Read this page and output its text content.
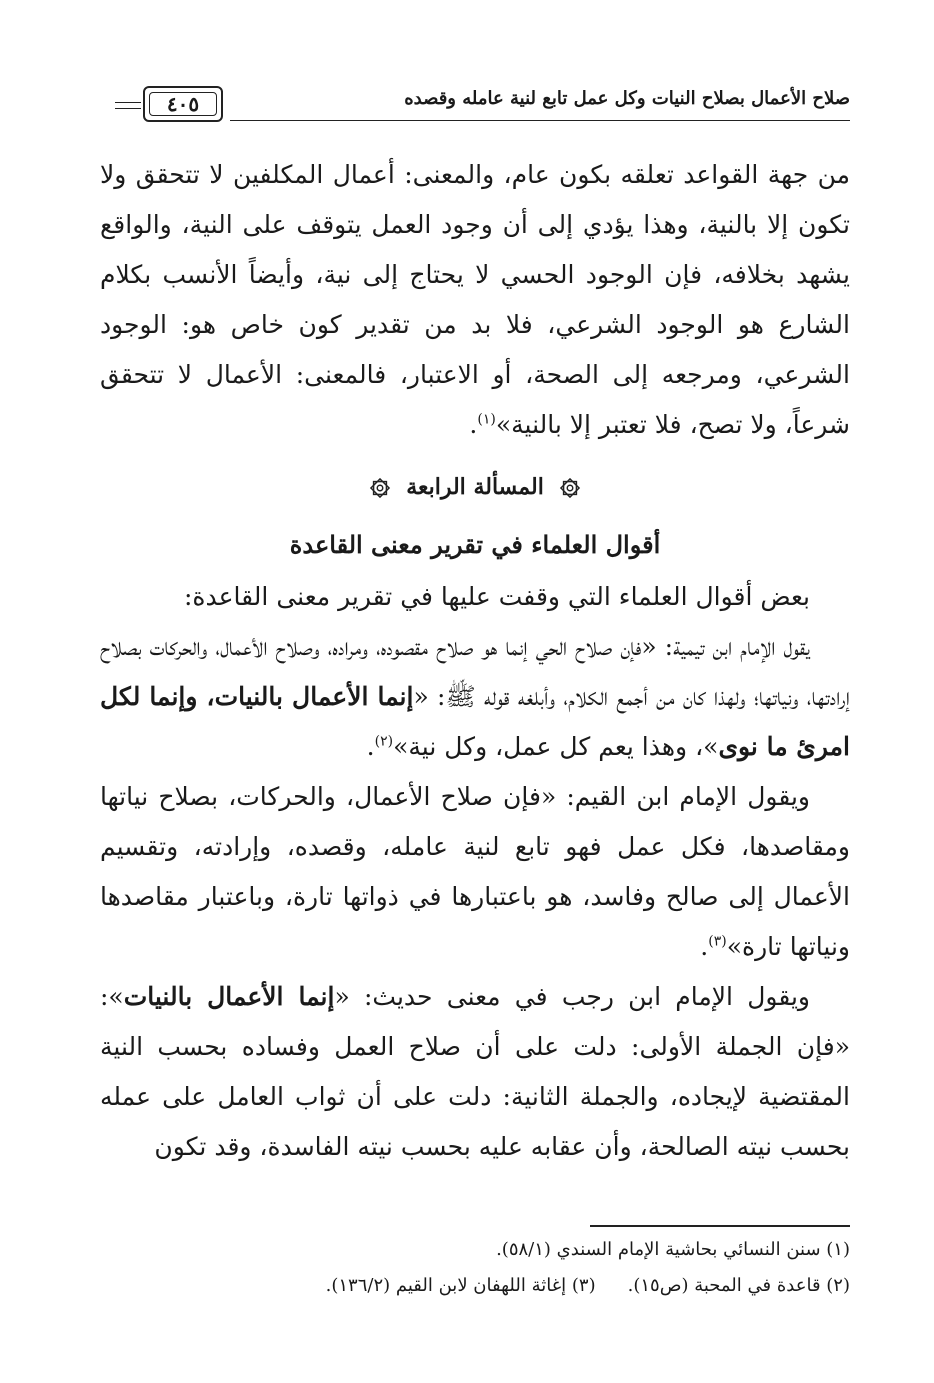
صلاح الأعمال بصلاح النيات وكل عمل تابع لنية عامله وقصده
٤٠٥

من جهة القواعد تعلقه بكون عام، والمعنى: أعمال المكلفين لا تتحقق ولا تكون إلا بالنية، وهذا يؤدي إلى أن وجود العمل يتوقف على النية، والواقع يشهد بخلافه، فإن الوجود الحسي لا يحتاج إلى نية، وأيضاً الأنسب بكلام الشارع هو الوجود الشرعي، فلا بد من تقدير كون خاص هو: الوجود الشرعي، ومرجعه إلى الصحة، أو الاعتبار، فالمعنى: الأعمال لا تتحقق شرعاً، ولا تصح، فلا تعتبر إلا بالنية»$^{(١)}$.

المسألة الرابعة
أقوال العلماء في تقرير معنى القاعدة

بعض أقوال العلماء التي وقفت عليها في تقرير معنى القاعدة:

يقول الإمام ابن تيمية: «فإن صلاح الحي إنما هو صلاح مقصوده، ومراده، وصلاح الأعمال، والحركات بصلاح إرادتها، ونياتها؛ ولهذا كان من أجمع الكلام، وأبلغه قوله ﷺ: «إنما الأعمال بالنيات، وإنما لكل امرئ ما نوى»، وهذا يعم كل عمل، وكل نية»$^{(٢)}$.

ويقول الإمام ابن القيم: «فإن صلاح الأعمال، والحركات، بصلاح نياتها ومقاصدها، فكل عمل فهو تابع لنية عامله، وقصده، وإرادته، وتقسيم الأعمال إلى صالح وفاسد، هو باعتبارها في ذواتها تارة، وباعتبار مقاصدها ونياتها تارة»$^{(٣)}$.

ويقول الإمام ابن رجب في معنى حديث: «إنما الأعمال بالنيات»: «فإن الجملة الأولى: دلت على أن صلاح العمل وفساده بحسب النية المقتضية لإيجاده، والجملة الثانية: دلت على أن ثواب العامل على عمله بحسب نيته الصالحة، وأن عقابه عليه بحسب نيته الفاسدة، وقد تكون

(١) سنن النسائي بحاشية الإمام السندي (٥٨/١).
(٢) قاعدة في المحبة (ص١٥).
(٣) إغاثة اللهفان لابن القيم (١٣٦/٢).
